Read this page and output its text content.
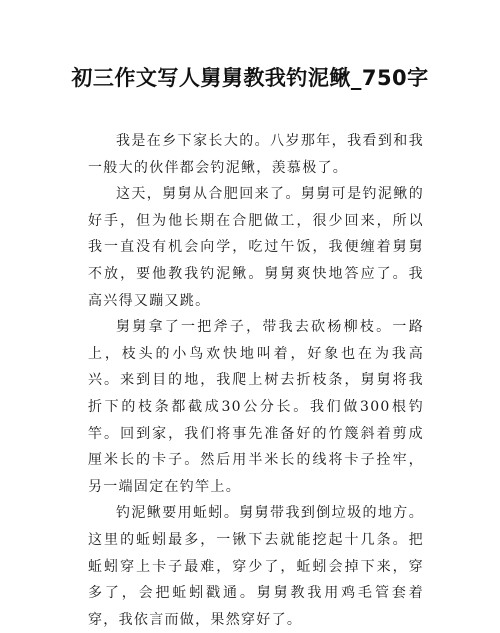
初三作文写人舅舅教我钓泥鳅_750字

我是在乡下家长大的。八岁那年，我看到和我一般大的伙伴都会钓泥鳅，羡慕极了。

这天，舅舅从合肥回来了。舅舅可是钓泥鳅的好手，但为他长期在合肥做工，很少回来，所以我一直没有机会向学，吃过午饭，我便缠着舅舅不放，要他教我钓泥鳅。舅舅爽快地答应了。我高兴得又蹦又跳。

舅舅拿了一把斧子，带我去砍杨柳枝。一路上，枝头的小鸟欢快地叫着，好象也在为我高兴。来到目的地，我爬上树去折枝条，舅舅将我折下的枝条都截成30公分长。我们做300根钓竿。回到家，我们将事先准备好的竹篾斜着剪成厘米长的卡子。然后用半米长的线将卡子拴牢，另一端固定在钓竿上。

钓泥鳅要用蚯蚓。舅舅带我到倒垃圾的地方。这里的蚯蚓最多，一锹下去就能挖起十几条。把蚯蚓穿上卡子最难，穿少了，蚯蚓会掉下来，穿多了，会把蚯蚓戳通。舅舅教我用鸡毛管套着穿，我依言而做，果然穿好了。
